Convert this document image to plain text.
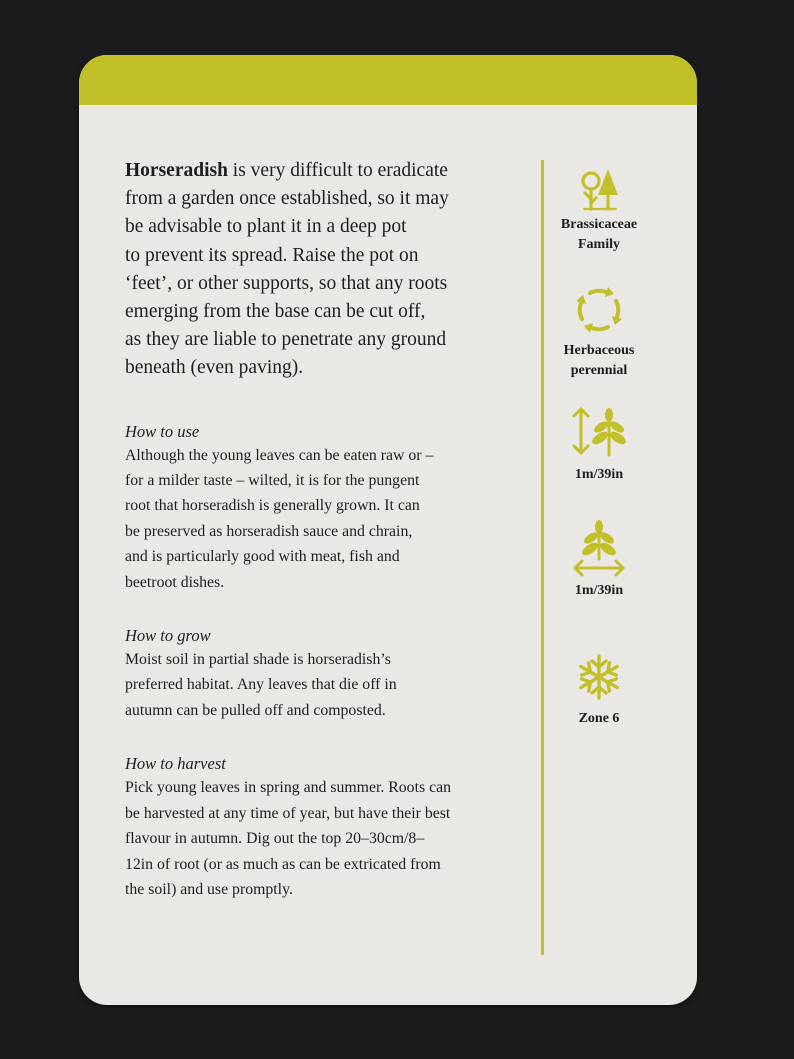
Horseradish is very difficult to eradicate
from a garden once established, so it may
be advisable to plant it in a deep pot
to prevent its spread. Raise the pot on
‘feet’, or other supports, so that any roots
emerging from the base can be cut off,
as they are liable to penetrate any ground
beneath (even paving).

How to use

Although the young leaves can be eaten raw or –
for a milder taste – wilted, it is for the pungent
root that horseradish is generally grown. It can
be preserved as horseradish sauce and chrain,
and is particularly good with meat, fish and
beetroot dishes.

How to grow

Moist soil in partial shade is horseradish’s
preferred habitat. Any leaves that die off in
autumn can be pulled off and composted.

How to harvest

Pick young leaves in spring and summer. Roots can
be harvested at any time of year, but have their best
flavour in autumn. Dig out the top 20–30cm/8–
12in of root (or as much as can be extricated from
the soil) and use promptly.

Brassicaceae
Family
Herbaceous
perennial
1m/39in
1m/39in
Zone 6
